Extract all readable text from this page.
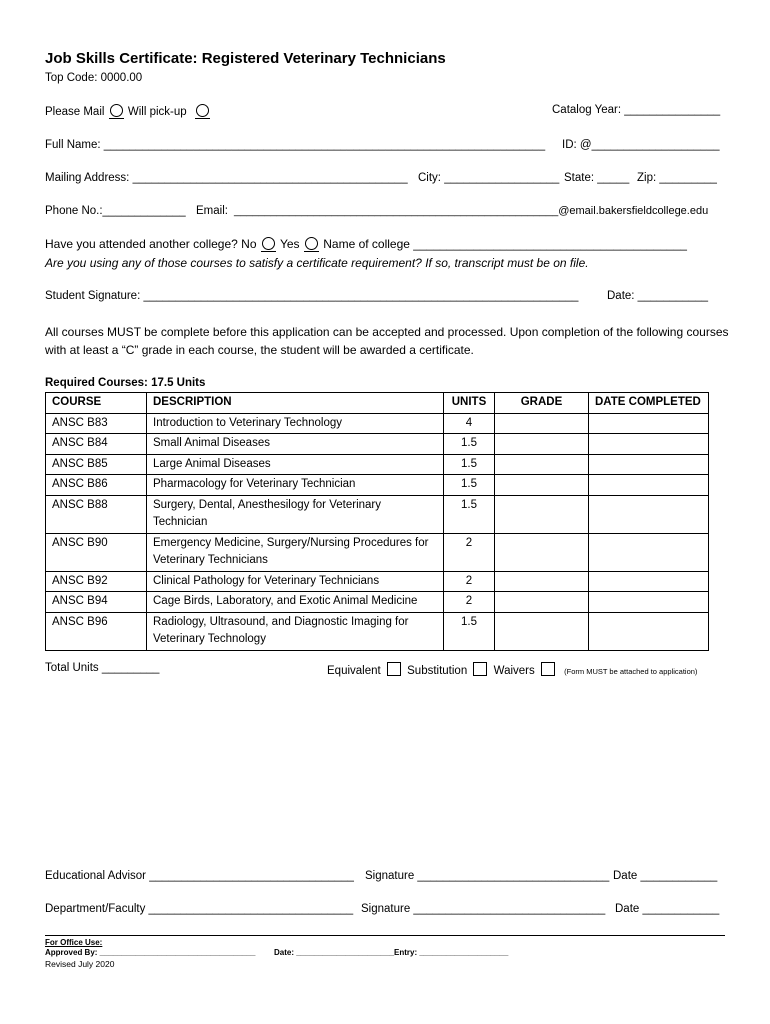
Job Skills Certificate: Registered Veterinary Technicians
Top Code: 0000.00
Please Mail Will pick-up	Catalog Year: _______________
Full Name: _____________________________________________________________________ ID: @____________________
Mailing Address: ___________________________________________ City: __________________ State: _____ Zip: _________
Phone No.:_____________ Email: _____________________________________________________@email.bakersfieldcollege.edu
Have you attended another college? No Yes Name of college _________________________________________
Are you using any of those courses to satisfy a certificate requirement? If so, transcript must be on file.
Student Signature: ____________________________________________________________________ Date: ___________
All courses MUST be complete before this application can be accepted and processed. Upon completion of the following courses with at least a “C” grade in each course, the student will be awarded a certificate.
Required Courses: 17.5 Units
COURSE	DESCRIPTION	UNITS	GRADE	DATE COMPLETED
ANSC B83	Introduction to Veterinary Technology	4		
ANSC B84	Small Animal Diseases	1.5		
ANSC B85	Large Animal Diseases	1.5		
ANSC B86	Pharmacology for Veterinary Technician	1.5		
ANSC B88	Surgery, Dental, Anesthesilogy for Veterinary Technician	1.5		
ANSC B90	Emergency Medicine, Surgery/Nursing Procedures for Veterinary Technicians	2		
ANSC B92	Clinical Pathology for Veterinary Technicians	2		
ANSC B94	Cage Birds, Laboratory, and Exotic Animal Medicine	2		
ANSC B96	Radiology, Ultrasound, and Diagnostic Imaging for Veterinary Technology	1.5		
Total Units _________	Equivalent Substitution Waivers	(Form MUST be attached to application)
Educational Advisor ________________________________ Signature ______________________________ Date ____________
Department/Faculty ________________________________ Signature ______________________________ Date ____________
For Office Use:
Approved By: ___________________________________ Date: ______________________ Entry: ____________________
Revised July 2020
